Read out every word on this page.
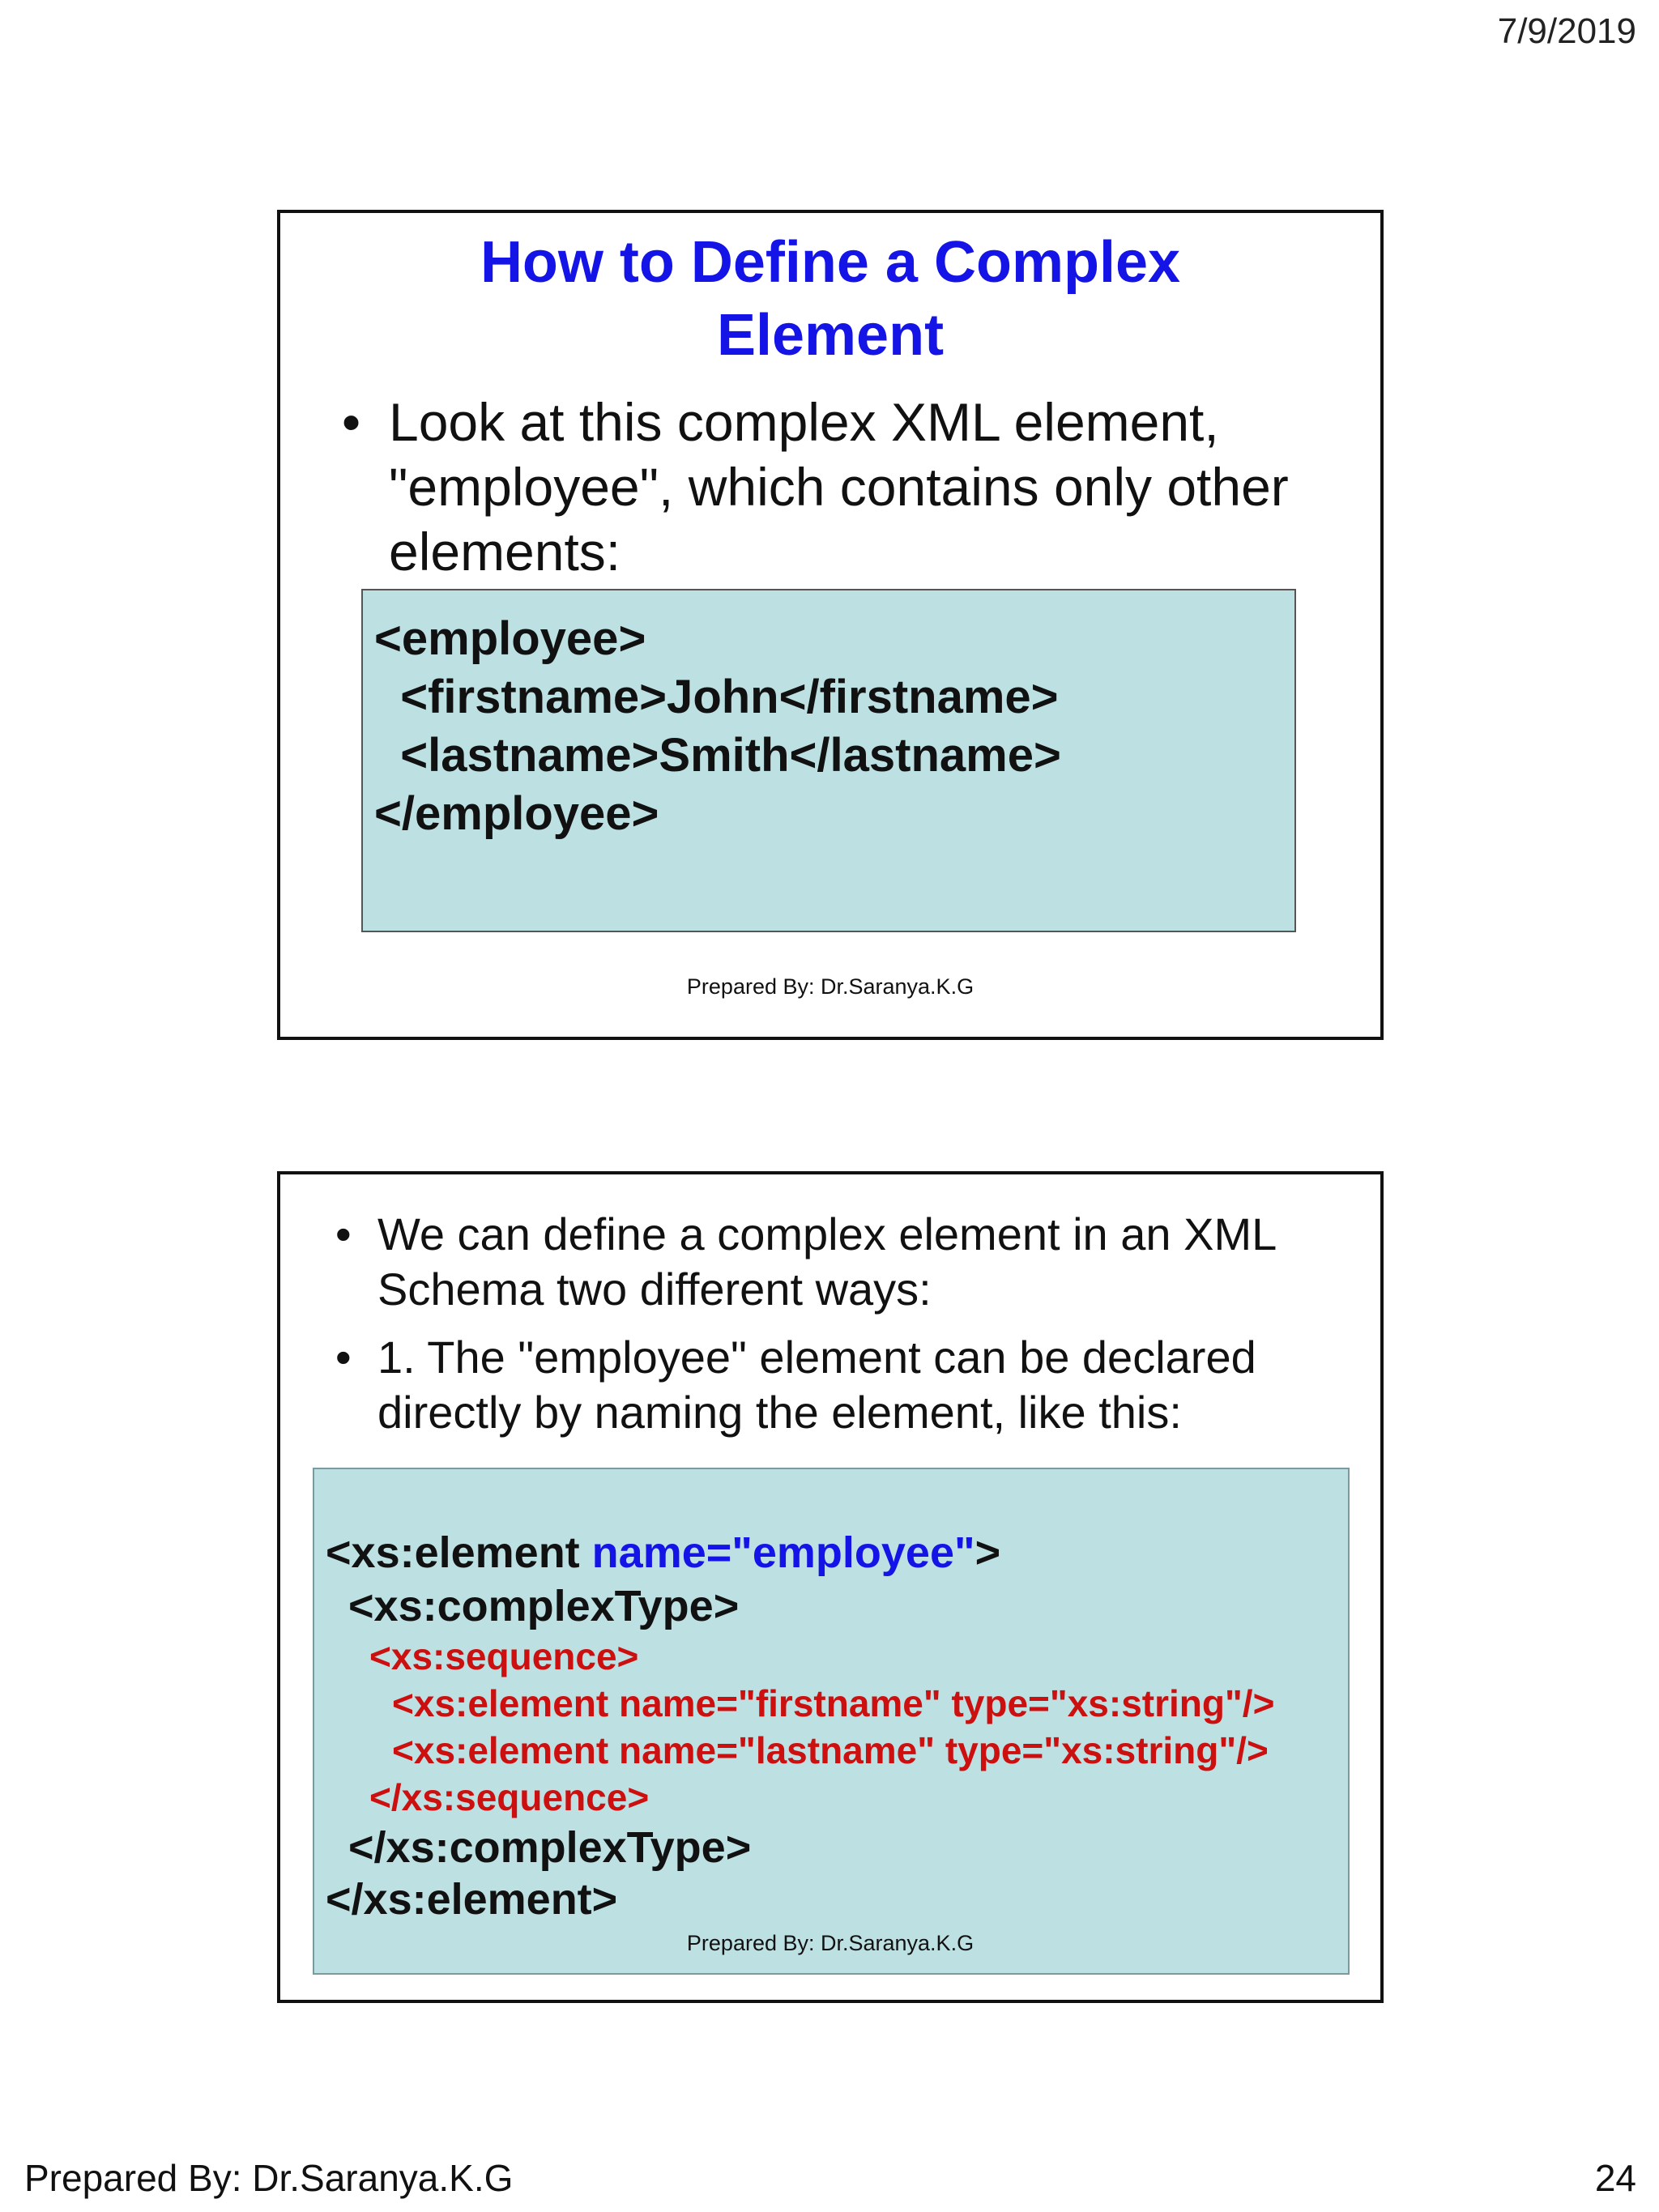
7/9/2019
How to Define a Complex
Element
• Look at this complex XML element,
"employee", which contains only other
elements:
<employee>
<firstname>John</firstname>
<lastname>Smith</lastname>
</employee>
Prepared By: Dr.Saranya.K.G
• We can define a complex element in an XML
Schema two different ways:
• 1. The "employee" element can be declared
directly by naming the element, like this:
<xs:element name="employee">
<xs:complexType>
<xs:sequence>
<xs:element name="firstname" type="xs:string"/>
<xs:element name="lastname" type="xs:string"/>
</xs:sequence>
</xs:complexType>
</xs:element>
Prepared By: Dr.Saranya.K.G
Prepared By: Dr.Saranya.K.G	24
